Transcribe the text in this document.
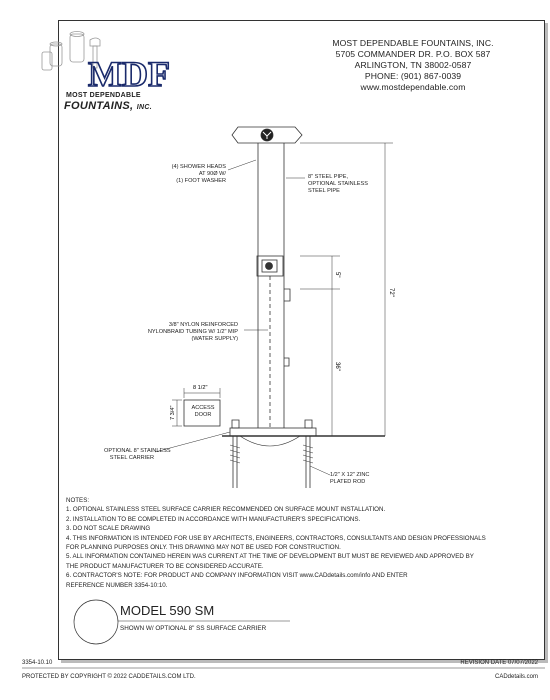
MDF
MOST DEPENDABLE
FOUNTAINS, INC.
MOST DEPENDABLE FOUNTAINS, INC.
5705 COMMANDER DR. P.O. BOX 587
ARLINGTON, TN 38002-0587
PHONE: (901) 867-0039
www.mostdependable.com
72"
5"
36"
8 1/2"
7 3/4"
(4) SHOWER HEADS
AT 90Ø W/
(1) FOOT WASHER
8" STEEL PIPE,
OPTIONAL STAINLESS
STEEL PIPE
3/8" NYLON REINFORCED
NYLONBRAID TUBING W/ 1/2" MIP
(WATER SUPPLY)
ACCESS
DOOR
OPTIONAL 8" STAINLESS
STEEL CARRIER
1/2" X 12" ZINC
PLATED ROD
NOTES:
1. OPTIONAL STAINLESS STEEL SURFACE CARRIER RECOMMENDED ON SURFACE MOUNT INSTALLATION.
2. INSTALLATION TO BE COMPLETED IN ACCORDANCE WITH MANUFACTURER'S SPECIFICATIONS.
3. DO NOT SCALE DRAWING
4. THIS INFORMATION IS INTENDED FOR USE BY ARCHITECTS, ENGINEERS, CONTRACTORS, CONSULTANTS AND DESIGN PROFESSIONALS
FOR PLANNING PURPOSES ONLY. THIS DRAWING MAY NOT BE USED FOR CONSTRUCTION.
5. ALL INFORMATION CONTAINED HEREIN WAS CURRENT AT THE TIME OF DEVELOPMENT BUT MUST BE REVIEWED AND APPROVED BY
THE PRODUCT MANUFACTURER TO BE CONSIDERED ACCURATE.
6. CONTRACTOR'S NOTE: FOR PRODUCT AND COMPANY INFORMATION VISIT www.CADdetails.com/info AND ENTER
REFERENCE NUMBER 3354-10:10.
MODEL 590 SM
SHOWN W/ OPTIONAL 8" SS SURFACE CARRIER
3354-10.10	REVISION DATE 07/07/2022
PROTECTED BY COPYRIGHT © 2022 CADDETAILS.COM LTD.	CADdetails.com
